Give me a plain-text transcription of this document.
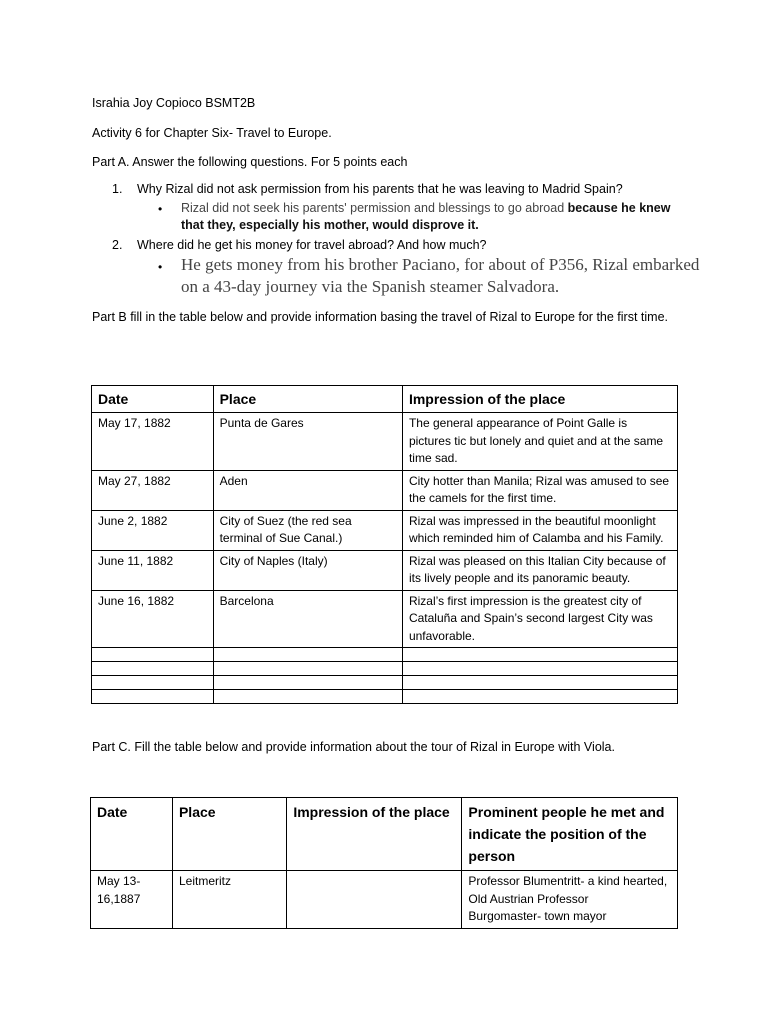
Israhia Joy Copioco BSMT2B
Activity 6 for Chapter Six- Travel to Europe.
Part A. Answer the following questions. For 5 points each
1. Why Rizal did not ask permission from his parents that he was leaving to Madrid Spain?
• Rizal did not seek his parents' permission and blessings to go abroad because he knew that they, especially his mother, would disprove it.
2. Where did he get his money for travel abroad? And how much?
• He gets money from his brother Paciano, for about of P356, Rizal embarked on a 43-day journey via the Spanish steamer Salvadora.
Part B fill in the table below and provide information basing the travel of Rizal to Europe for the first time.
Date	Place	Impression of the place
May 17, 1882	Punta de Gares	The general appearance of Point Galle is pictures tic but lonely and quiet and at the same time sad.
May 27, 1882	Aden	City hotter than Manila; Rizal was amused to see the camels for the first time.
June 2, 1882	City of Suez (the red sea terminal of Sue Canal.)	Rizal was impressed in the beautiful moonlight which reminded him of Calamba and his Family.
June 11, 1882	City of Naples (Italy)	Rizal was pleased on this Italian City because of its lively people and its panoramic beauty.
June 16, 1882	Barcelona	Rizal’s first impression is the greatest city of Cataluña and Spain’s second largest City was unfavorable.

Part C. Fill the table below and provide information about the tour of Rizal in Europe with Viola.
Date	Place	Impression of the place	Prominent people he met and indicate the position of the person
May 13-16,1887	Leitmeritz		Professor Blumentritt- a kind hearted, Old Austrian Professor
Burgomaster- town mayor
